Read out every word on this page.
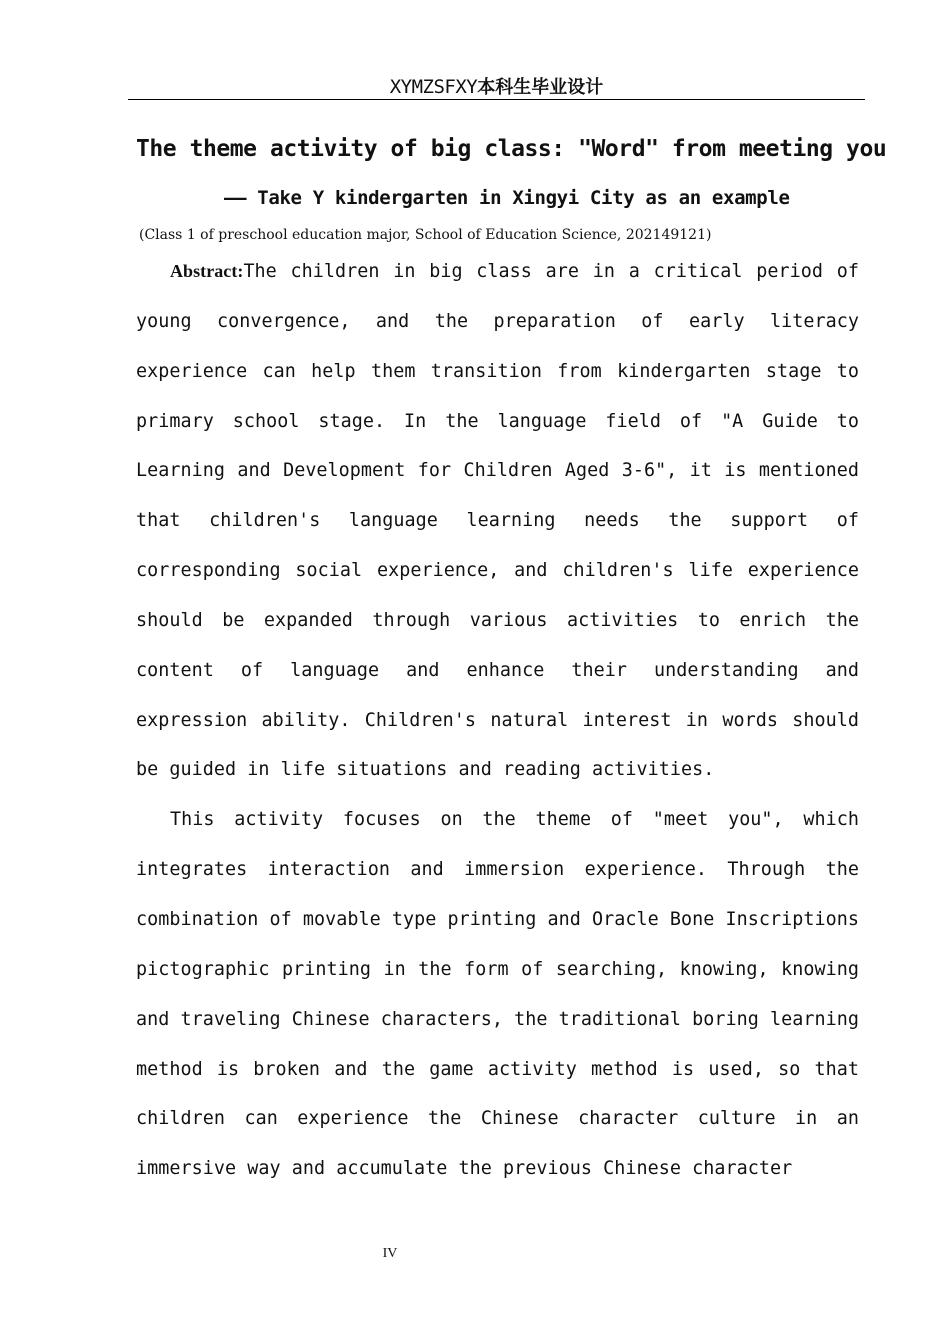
XYMZSFXY本科生毕业设计
The theme activity of big class: "Word" from meeting you
—— Take Y kindergarten in Xingyi City as an example
(Class 1 of preschool education major, School of Education Science, 202149121)

Abstract:The children in big class are in a critical period of young convergence, and the preparation of early literacy experience can help them transition from kindergarten stage to primary school stage. In the language field of "A Guide to Learning and Development for Children Aged 3-6", it is mentioned that children's language learning needs the support of corresponding social experience, and children's life experience should be expanded through various activities to enrich the content of language and enhance their understanding and expression ability. Children's natural interest in words should be guided in life situations and reading activities.

This activity focuses on the theme of "meet you", which integrates interaction and immersion experience. Through the combination of movable type printing and Oracle Bone Inscriptions pictographic printing in the form of searching, knowing, knowing and traveling Chinese characters, the traditional boring learning method is broken and the game activity method is used, so that children can experience the Chinese character culture in an immersive way and accumulate the previous Chinese character

IV
